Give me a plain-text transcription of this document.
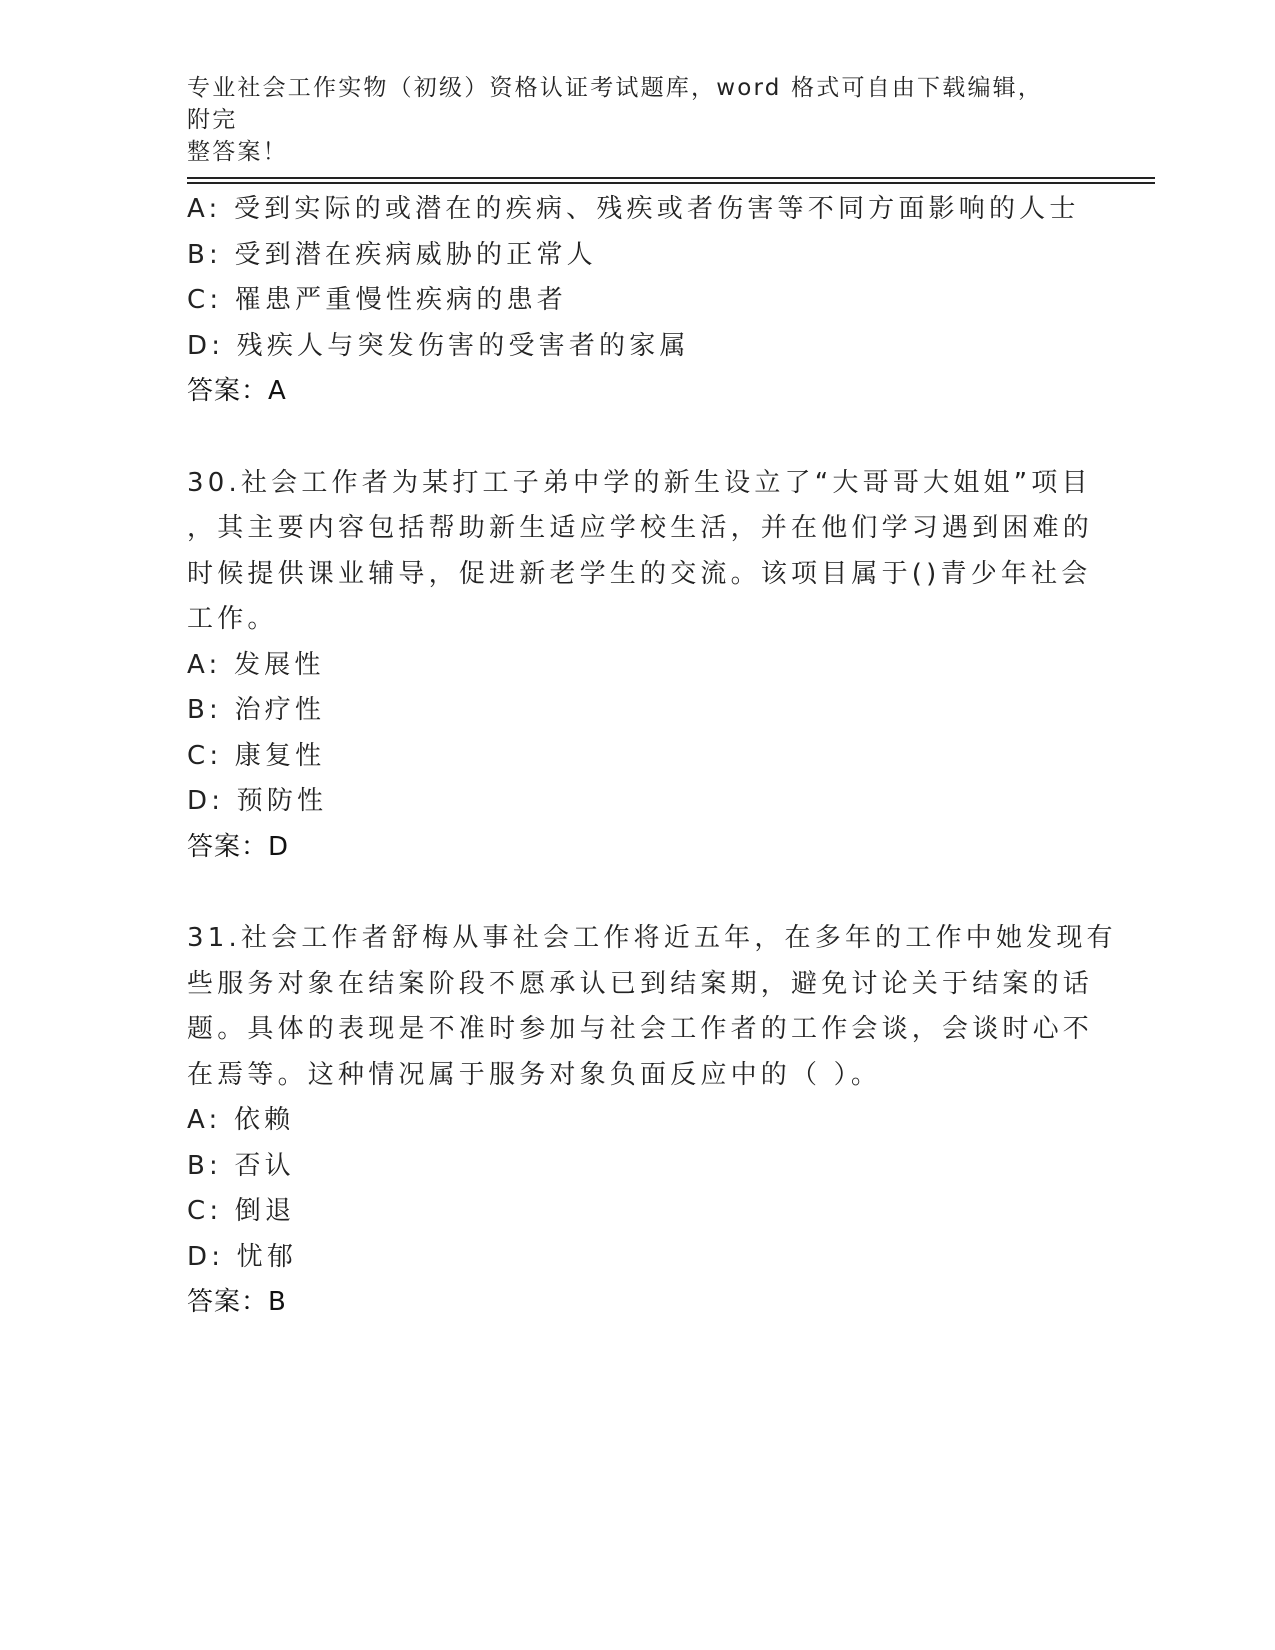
专业社会工作实物（初级）资格认证考试题库，word 格式可自由下载编辑，附完
整答案！
A: 受到实际的或潜在的疾病、残疾或者伤害等不同方面影响的人士
B: 受到潜在疾病威胁的正常人
C: 罹患严重慢性疾病的患者
D: 残疾人与突发伤害的受害者的家属
答案：A
30.社会工作者为某打工子弟中学的新生设立了“大哥哥大姐姐”项目
，其主要内容包括帮助新生适应学校生活，并在他们学习遇到困难的
时候提供课业辅导，促进新老学生的交流。该项目属于()青少年社会
工作。
A: 发展性
B: 治疗性
C: 康复性
D: 预防性
答案：D
31.社会工作者舒梅从事社会工作将近五年，在多年的工作中她发现有
些服务对象在结案阶段不愿承认已到结案期，避免讨论关于结案的话
题。具体的表现是不准时参加与社会工作者的工作会谈，会谈时心不
在焉等。这种情况属于服务对象负面反应中的（ ）。
A: 依赖
B: 否认
C: 倒退
D: 忧郁
答案：B
